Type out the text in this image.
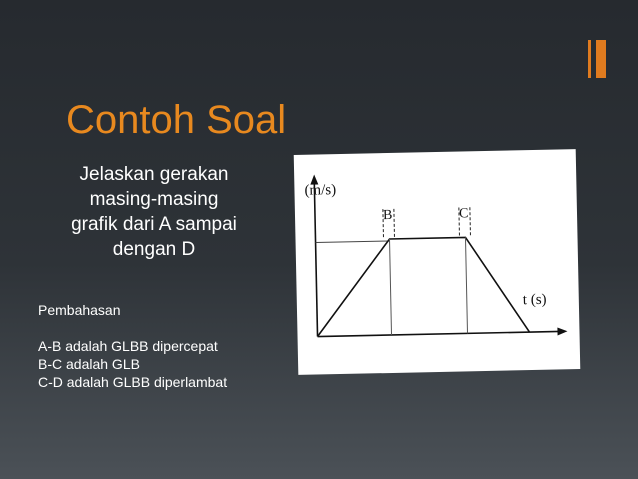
Contoh Soal
Jelaskan gerakan
masing-masing
grafik dari A sampai
dengan D
Pembahasan
A-B adalah GLBB dipercepat
B-C adalah GLB
C-D adalah GLBB diperlambat
(m/s)
B	C
t (s)
